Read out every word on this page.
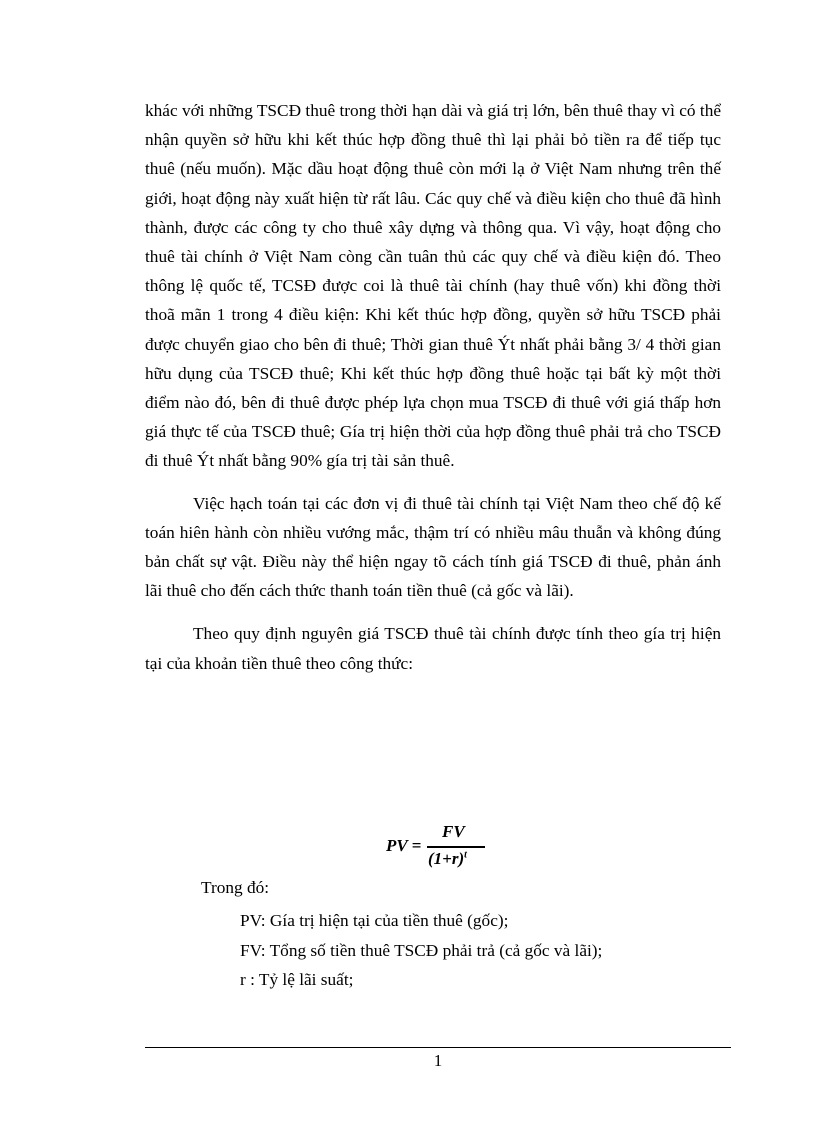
khác với những TSCĐ thuê trong thời hạn dài và giá trị lớn, bên thuê thay vì có thể nhận quyền sở hữu khi kết thúc hợp đồng thuê thì lại phải bỏ tiền ra để tiếp tục thuê (nếu muốn). Mặc dầu hoạt động thuê còn mới lạ ở Việt Nam nhưng trên thế giới, hoạt động này xuất hiện từ rất lâu. Các quy chế và điều kiện cho thuê đã hình thành, được các công ty cho thuê xây dựng và thông qua. Vì vậy, hoạt động cho thuê tài chính ở Việt Nam còng cần tuân thủ các quy chế và điều kiện đó. Theo thông lệ quốc tế, TCSĐ được coi là thuê tài chính (hay thuê vốn) khi đồng thời thoã mãn 1 trong 4 điều kiện: Khi kết thúc hợp đồng, quyền sở hữu TSCĐ phải được chuyển giao cho bên đi thuê; Thời gian thuê Ýt nhất phải bằng 3/ 4 thời gian hữu dụng của TSCĐ thuê; Khi kết thúc hợp đồng thuê hoặc tại bất kỳ một thời điểm nào đó, bên đi thuê được phép lựa chọn mua TSCĐ đi thuê với giá thấp hơn giá thực tế của TSCĐ thuê; Gía trị hiện thời của hợp đồng thuê phải trả cho TSCĐ đi thuê Ýt nhất bằng 90% gía trị tài sản thuê.

Việc hạch toán tại các đơn vị đi thuê tài chính tại Việt Nam theo chế độ kế toán hiên hành còn nhiều vướng mắc, thậm trí có nhiều mâu thuẫn và không đúng bản chất sự vật. Điều này thể hiện ngay tõ cách tính giá TSCĐ đi thuê, phản ánh lãi thuê cho đến cách thức thanh toán tiền thuê (cả gốc và lãi).

Theo quy định nguyên giá TSCĐ thuê tài chính được tính theo gía trị hiện tại của khoản tiền thuê theo công thức:

PV =
FV
$(1+r)^t$
Trong đó:
PV: Gía trị hiện tại của tiền thuê (gốc);
FV: Tổng số tiền thuê TSCĐ phải trả (cả gốc và lãi);
r : Tỷ lệ lãi suất;
1
